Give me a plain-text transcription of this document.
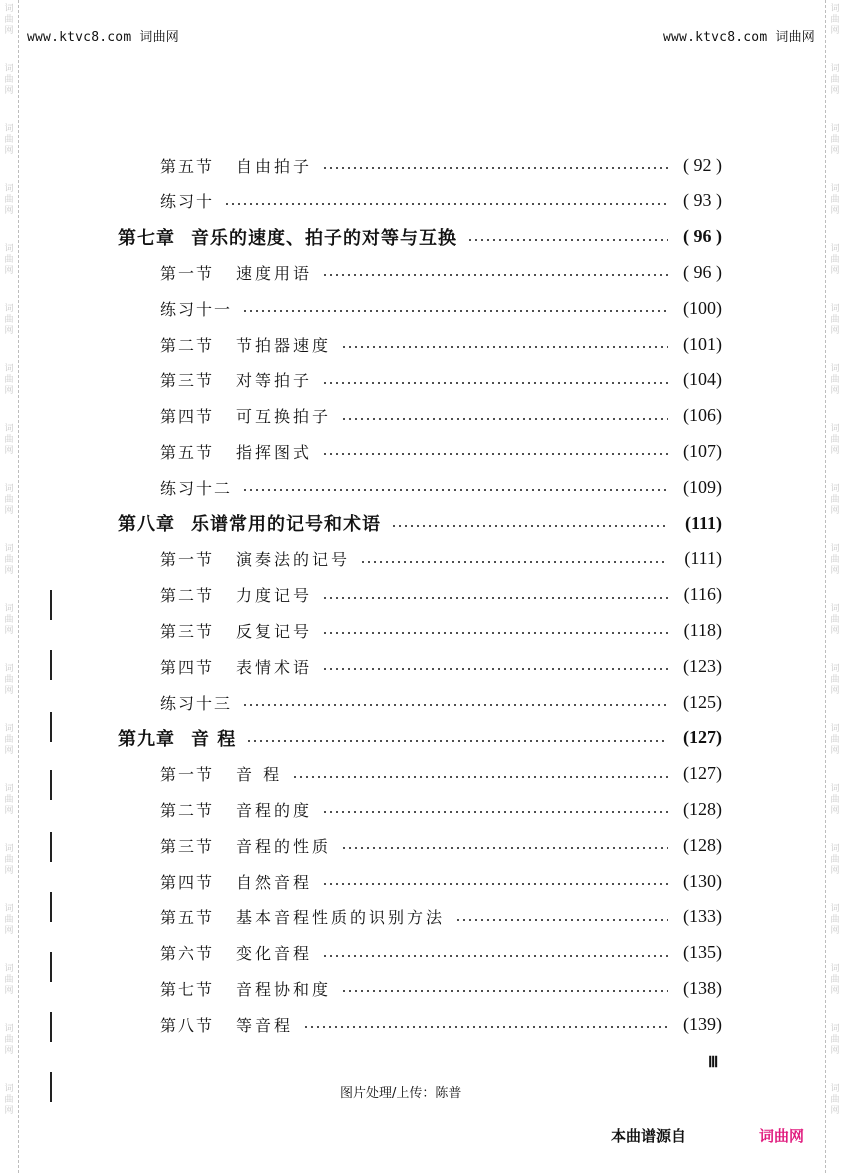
词
曲
网
词
曲
网
词
曲
网
词
曲
网
词
曲
网
词
曲
网
词
曲
网
词
曲
网
词
曲
网
词
曲
网
词
曲
网
词
曲
网
词
曲
网
词
曲
网
词
曲
网
词
曲
网
词
曲
网
词
曲
网
词
曲
网
词
曲
网
词
曲
网
词
曲
网
词
曲
网
词
曲
网
词
曲
网
词
曲
网
词
曲
网
词
曲
网
词
曲
网
词
曲
网
词
曲
网
词
曲
网
词
曲
网
词
曲
网
词
曲
网
词
曲
网
词
曲
网
词
曲
网
www.ktvc8.com 词曲网	www.ktvc8.com 词曲网
第五节 自由拍子	( 92 )
练习十	( 93 )
第七章 音乐的速度、拍子的对等与互换	( 96 )
第一节 速度用语	( 96 )
练习十一	(100)
第二节 节拍器速度	(101)
第三节 对等拍子	(104)
第四节 可互换拍子	(106)
第五节 指挥图式	(107)
练习十二	(109)
第八章 乐谱常用的记号和术语	(111)
第一节 演奏法的记号	(111)
第二节 力度记号	(116)
第三节 反复记号	(118)
第四节 表情术语	(123)
练习十三	(125)
第九章 音 程	(127)
第一节 音 程	(127)
第二节 音程的度	(128)
第三节 音程的性质	(128)
第四节 自然音程	(130)
第五节 基本音程性质的识别方法	(133)
第六节 变化音程	(135)
第七节 音程协和度	(138)
第八节 等音程	(139)
Ⅲ
图片处理/上传：陈普
本曲谱源自	词曲网
